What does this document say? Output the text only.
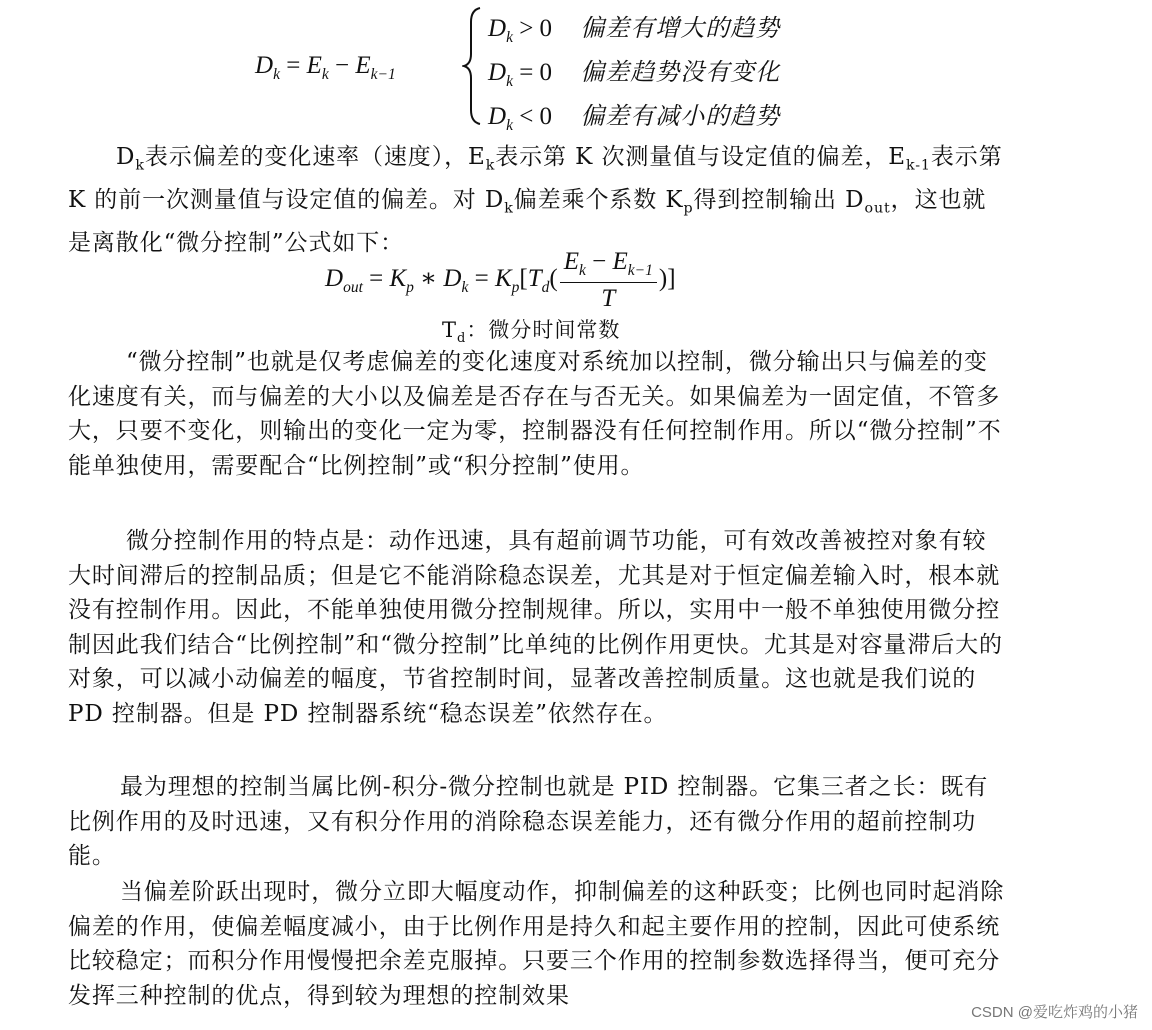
$D_k = E_k - E_{k-1}$
$D_k > 0$ 偏差有增大的趋势
$D_k = 0$ 偏差趋势没有变化
$D_k < 0$ 偏差有减小的趋势
$D_k$表示偏差的变化速率（速度），$E_k$表示第 K 次测量值与设定值的偏差，$E_{k-1}$表示第 K 的前一次测量值与设定值的偏差。对 $D_k$偏差乘个系数 $K_p$得到控制输出 $D_{out}$，这也就是离散化“微分控制”公式如下：
$D_{out} = K_p$ ∗ $D_k = K_p[T_d( \frac{E_k - E_{k-1}}{T}$ )]
$T_d$：微分时间常数
“微分控制”也就是仅考虑偏差的变化速度对系统加以控制，微分输出只与偏差的变化速度有关，而与偏差的大小以及偏差是否存在与否无关。如果偏差为一固定值，不管多大，只要不变化，则输出的变化一定为零，控制器没有任何控制作用。所以“微分控制”不能单独使用，需要配合“比例控制”或“积分控制”使用。
微分控制作用的特点是：动作迅速，具有超前调节功能，可有效改善被控对象有较大时间滞后的控制品质；但是它不能消除稳态误差，尤其是对于恒定偏差输入时，根本就没有控制作用。因此，不能单独使用微分控制规律。所以，实用中一般不单独使用微分控制因此我们结合“比例控制”和“微分控制”比单纯的比例作用更快。尤其是对容量滞后大的对象，可以减小动偏差的幅度，节省控制时间，显著改善控制质量。这也就是我们说的 PD 控制器。但是 PD 控制器系统“稳态误差”依然存在。
最为理想的控制当属比例-积分-微分控制也就是 PID 控制器。它集三者之长：既有比例作用的及时迅速，又有积分作用的消除稳态误差能力，还有微分作用的超前控制功能。
当偏差阶跃出现时，微分立即大幅度动作，抑制偏差的这种跃变；比例也同时起消除偏差的作用，使偏差幅度减小，由于比例作用是持久和起主要作用的控制，因此可使系统比较稳定；而积分作用慢慢把余差克服掉。只要三个作用的控制参数选择得当，便可充分发挥三种控制的优点，得到较为理想的控制效果
CSDN @爱吃炸鸡的小猪
